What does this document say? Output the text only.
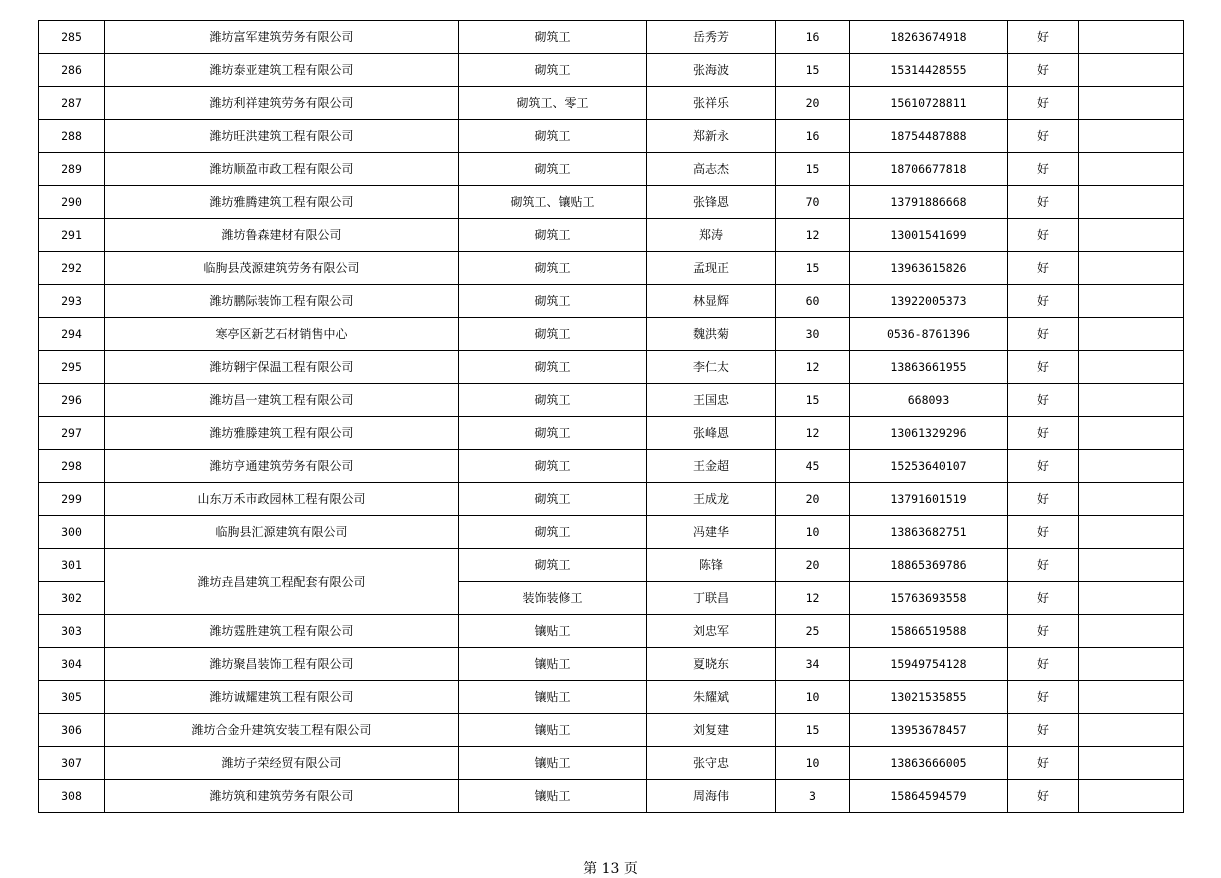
285	潍坊富军建筑劳务有限公司	砌筑工	岳秀芳	16	18263674918	好	
286	潍坊泰亚建筑工程有限公司	砌筑工	张海波	15	15314428555	好	
287	潍坊利祥建筑劳务有限公司	砌筑工、零工	张祥乐	20	15610728811	好	
288	潍坊旺洪建筑工程有限公司	砌筑工	郑新永	16	18754487888	好	
289	潍坊顺盈市政工程有限公司	砌筑工	高志杰	15	18706677818	好	
290	潍坊雅腾建筑工程有限公司	砌筑工、镶贴工	张锋恩	70	13791886668	好	
291	潍坊鲁森建材有限公司	砌筑工	郑涛	12	13001541699	好	
292	临朐县茂源建筑劳务有限公司	砌筑工	孟现正	15	13963615826	好	
293	潍坊鹏际装饰工程有限公司	砌筑工	林显辉	60	13922005373	好	
294	寒亭区新艺石材销售中心	砌筑工	魏洪菊	30	0536-8761396	好	
295	潍坊翱宇保温工程有限公司	砌筑工	李仁太	12	13863661955	好	
296	潍坊昌一建筑工程有限公司	砌筑工	王国忠	15	668093	好	
297	潍坊雅滕建筑工程有限公司	砌筑工	张峰恩	12	13061329296	好	
298	潍坊亨通建筑劳务有限公司	砌筑工	王金超	45	15253640107	好	
299	山东万禾市政园林工程有限公司	砌筑工	王成龙	20	13791601519	好	
300	临朐县汇源建筑有限公司	砌筑工	冯建华	10	13863682751	好	
301	潍坊垚昌建筑工程配套有限公司	砌筑工	陈锋	20	18865369786	好	
302		装饰装修工	丁联昌	12	15763693558	好	
303	潍坊霆胜建筑工程有限公司	镶贴工	刘忠军	25	15866519588	好	
304	潍坊聚昌装饰工程有限公司	镶贴工	夏晓东	34	15949754128	好	
305	潍坊诚耀建筑工程有限公司	镶贴工	朱耀斌	10	13021535855	好	
306	潍坊合金升建筑安装工程有限公司	镶贴工	刘复建	15	13953678457	好	
307	潍坊子荣经贸有限公司	镶贴工	张守忠	10	13863666005	好	
308	潍坊筑和建筑劳务有限公司	镶贴工	周海伟	3	15864594579	好	
第 13 页
